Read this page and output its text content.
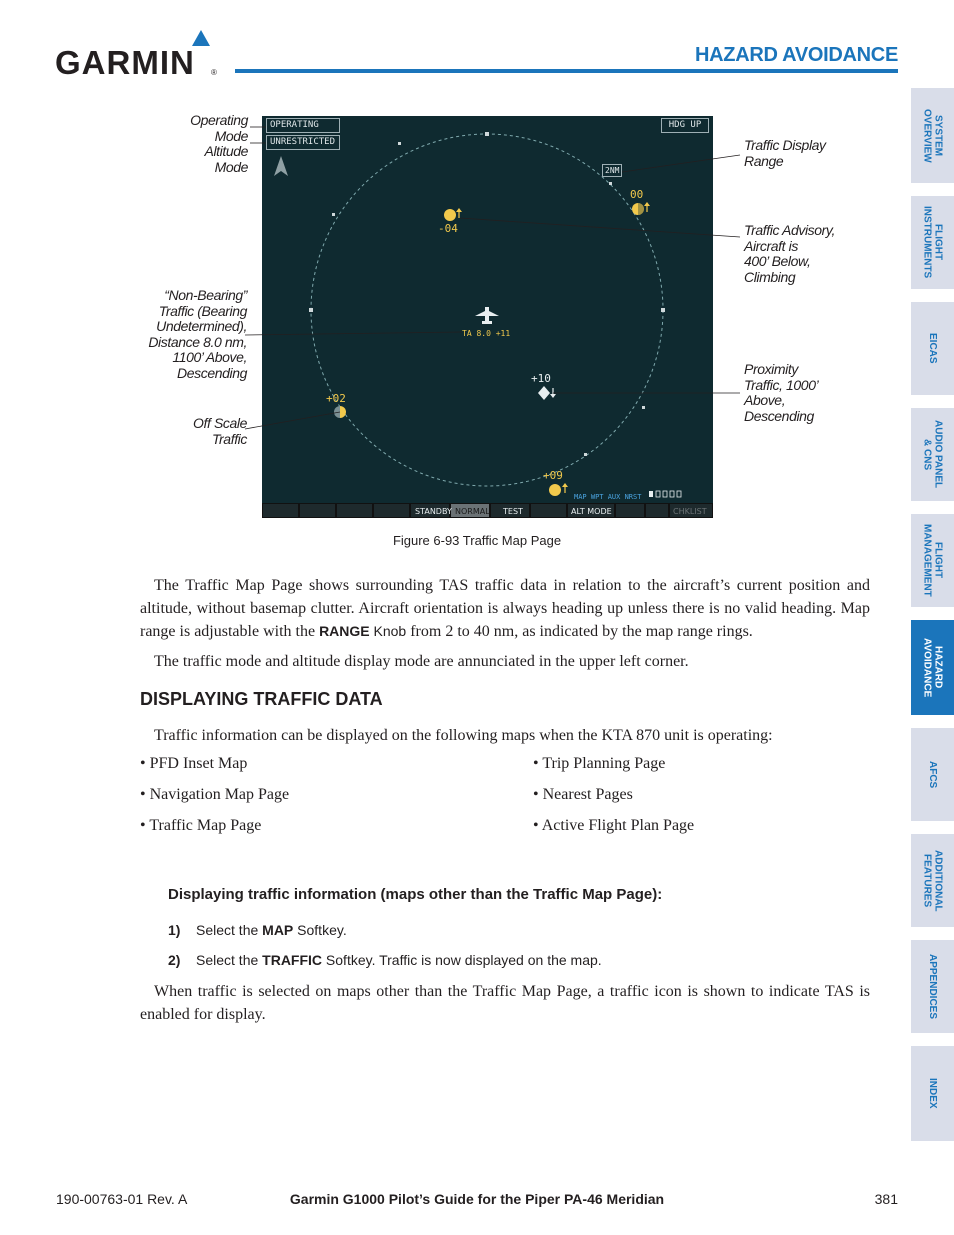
GARMIN ®
HAZARD AVOIDANCE
SYSTEM
OVERVIEW
FLIGHT
INSTRUMENTS
EICAS
AUDIO PANEL
& CNS
FLIGHT
MANAGEMENT
HAZARD
AVOIDANCE
AFCS
ADDITIONAL
FEATURES
APPENDICES
INDEX
00
-04
TA 8.0 +11
+10
+02
+09
MAP WPT AUX NRST
STANDBY NORMAL TEST	ALT MODE	CHKLIST
OPERATING
UNRESTRICTED
HDG UP
2NM
Operating
Mode
Altitude
Mode
“Non-Bearing”
Traffic (Bearing
Undetermined),
Distance 8.0 nm,
1100’ Above,
Descending
Off Scale
Traffic
Traffic Display
Range
Traffic Advisory,
Aircraft is
400’ Below,
Climbing
Proximity
Traffic, 1000’
Above,
Descending
Figure 6-93 Traffic Map Page
The Traffic Map Page shows surrounding TAS traffic data in relation to the aircraft’s current position and altitude, without basemap clutter. Aircraft orientation is always heading up unless there is no valid heading. Map range is adjustable with the RANGE Knob from 2 to 40 nm, as indicated by the map range rings.
The traffic mode and altitude display mode are annunciated in the upper left corner.
DISPLAYING TRAFFIC DATA
Traffic information can be displayed on the following maps when the KTA 870 unit is operating:
• PFD Inset Map
• Navigation Map Page
• Traffic Map Page
• Trip Planning Page
• Nearest Pages
• Active Flight Plan Page
Displaying traffic information (maps other than the Traffic Map Page):
1) Select the MAP Softkey.
2) Select the TRAFFIC Softkey. Traffic is now displayed on the map.
When traffic is selected on maps other than the Traffic Map Page, a traffic icon is shown to indicate TAS is enabled for display.
190-00763-01 Rev. A	Garmin G1000 Pilot’s Guide for the Piper PA-46 Meridian	381
